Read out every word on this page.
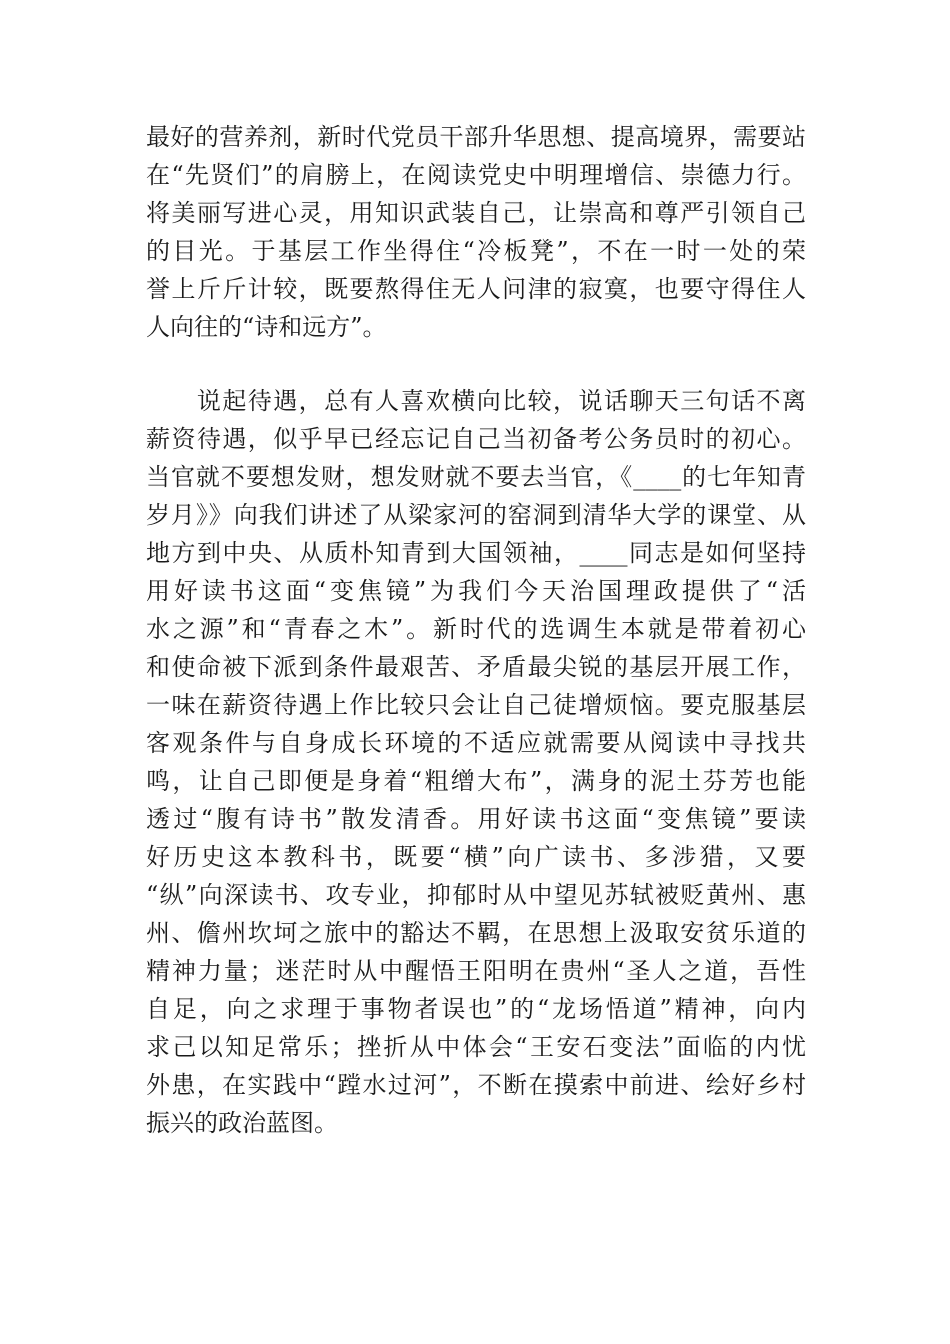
最好的营养剂，新时代党员干部升华思想、提高境界，需要站
在“先贤们”的肩膀上，在阅读党史中明理增信、崇德力行。
将美丽写进心灵，用知识武装自己，让崇高和尊严引领自己
的目光。于基层工作坐得住“冷板凳”，不在一时一处的荣
誉上斤斤计较，既要熬得住无人问津的寂寞，也要守得住人
人向往的“诗和远方”。
　　说起待遇，总有人喜欢横向比较，说话聊天三句话不离
薪资待遇，似乎早已经忘记自己当初备考公务员时的初心。
当官就不要想发财，想发财就不要去当官，《____的七年知青
岁月》》向我们讲述了从梁家河的窑洞到清华大学的课堂、从
地方到中央、从质朴知青到大国领袖，____同志是如何坚持
用好读书这面“变焦镜”为我们今天治国理政提供了“活
水之源”和“青春之木”。新时代的选调生本就是带着初心
和使命被下派到条件最艰苦、矛盾最尖锐的基层开展工作，
一味在薪资待遇上作比较只会让自己徒增烦恼。要克服基层
客观条件与自身成长环境的不适应就需要从阅读中寻找共
鸣，让自己即便是身着“粗缯大布”，满身的泥土芬芳也能
透过“腹有诗书”散发清香。用好读书这面“变焦镜”要读
好历史这本教科书，既要“横”向广读书、多涉猎，又要
“纵”向深读书、攻专业，抑郁时从中望见苏轼被贬黄州、惠
州、儋州坎坷之旅中的豁达不羁，在思想上汲取安贫乐道的
精神力量；迷茫时从中醒悟王阳明在贵州“圣人之道，吾性
自足，向之求理于事物者误也”的“龙场悟道”精神，向内
求己以知足常乐；挫折从中体会“王安石变法”面临的内忧
外患，在实践中“蹚水过河”，不断在摸索中前进、绘好乡村
振兴的政治蓝图。
